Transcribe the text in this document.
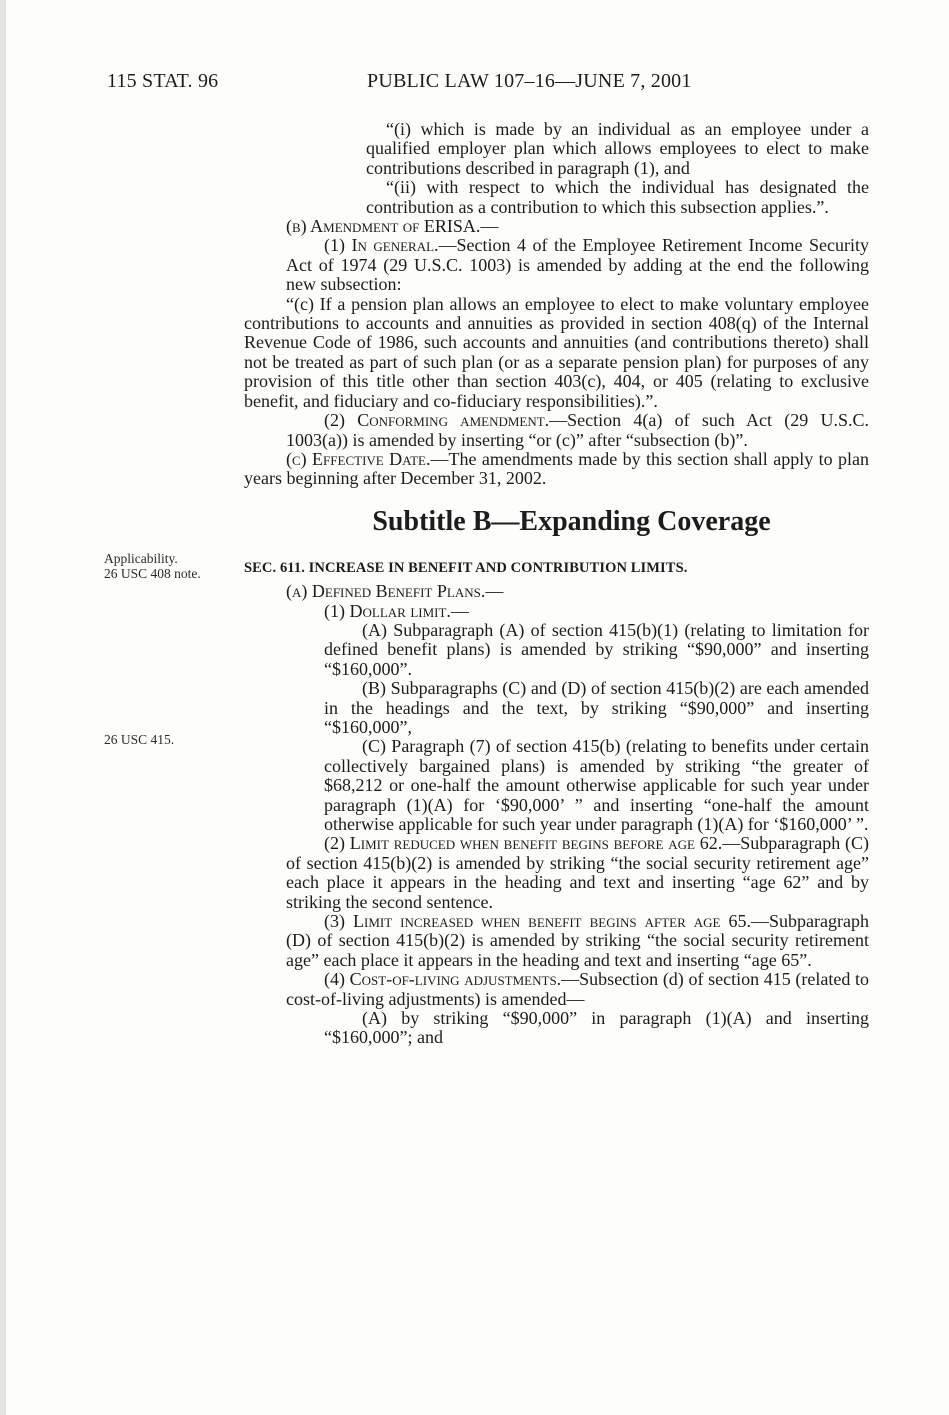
115 STAT. 96	PUBLIC LAW 107–16—JUNE 7, 2001
Applicability.
26 USC 408 note.
26 USC 415.

“(i) which is made by an individual as an employee under a qualified employer plan which allows employees to elect to make contributions described in paragraph (1), and

“(ii) with respect to which the individual has designated the contribution as a contribution to which this subsection applies.”.

(b) Amendment of ERISA.—

(1) In general.—Section 4 of the Employee Retirement Income Security Act of 1974 (29 U.S.C. 1003) is amended by adding at the end the following new subsection:

“(c) If a pension plan allows an employee to elect to make voluntary employee contributions to accounts and annuities as provided in section 408(q) of the Internal Revenue Code of 1986, such accounts and annuities (and contributions thereto) shall not be treated as part of such plan (or as a separate pension plan) for purposes of any provision of this title other than section 403(c), 404, or 405 (relating to exclusive benefit, and fiduciary and co-fiduciary responsibilities).”.

(2) Conforming amendment.—Section 4(a) of such Act (29 U.S.C. 1003(a)) is amended by inserting “or (c)” after “subsection (b)”.

(c) Effective Date.—The amendments made by this section shall apply to plan years beginning after December 31, 2002.

Subtitle B—Expanding Coverage
SEC. 611. INCREASE IN BENEFIT AND CONTRIBUTION LIMITS.

(a) Defined Benefit Plans.—

(1) Dollar limit.—

(A) Subparagraph (A) of section 415(b)(1) (relating to limitation for defined benefit plans) is amended by striking “$90,000” and inserting “$160,000”.

(B) Subparagraphs (C) and (D) of section 415(b)(2) are each amended in the headings and the text, by striking “$90,000” and inserting “$160,000”,

(C) Paragraph (7) of section 415(b) (relating to benefits under certain collectively bargained plans) is amended by striking “the greater of $68,212 or one-half the amount otherwise applicable for such year under paragraph (1)(A) for ‘$90,000’ ” and inserting “one-half the amount otherwise applicable for such year under paragraph (1)(A) for ‘$160,000’ ”.

(2) Limit reduced when benefit begins before age 62.—Subparagraph (C) of section 415(b)(2) is amended by striking “the social security retirement age” each place it appears in the heading and text and inserting “age 62” and by striking the second sentence.

(3) Limit increased when benefit begins after age 65.—Subparagraph (D) of section 415(b)(2) is amended by striking “the social security retirement age” each place it appears in the heading and text and inserting “age 65”.

(4) Cost-of-living adjustments.—Subsection (d) of section 415 (related to cost-of-living adjustments) is amended—

(A) by striking “$90,000” in paragraph (1)(A) and inserting “$160,000”; and
